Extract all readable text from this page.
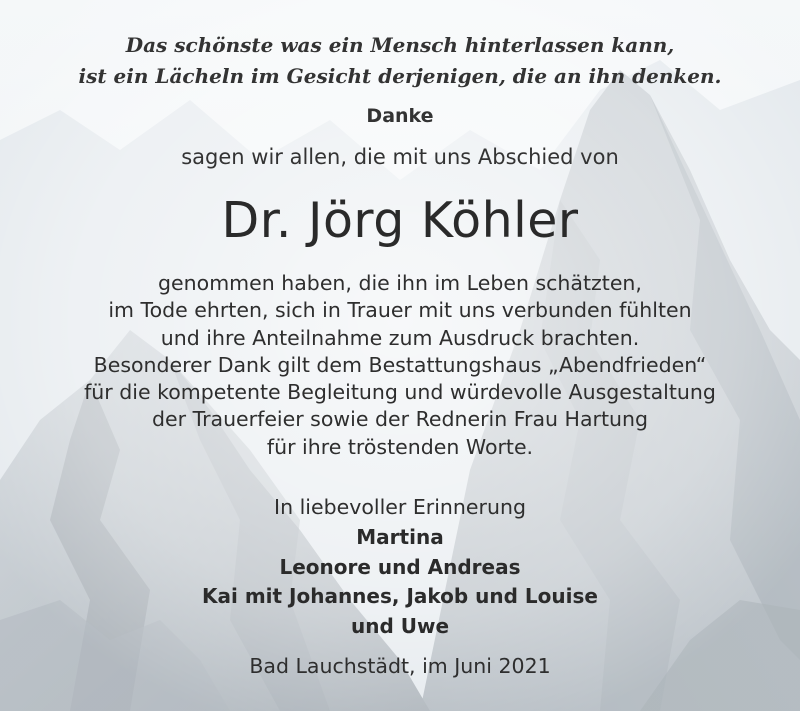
Das schönste was ein Mensch hinterlassen kann,
ist ein Lächeln im Gesicht derjenigen, die an ihn denken.
Danke
sagen wir allen, die mit uns Abschied von
Dr. Jörg Köhler
genommen haben, die ihn im Leben schätzten,
im Tode ehrten, sich in Trauer mit uns verbunden fühlten
und ihre Anteilnahme zum Ausdruck brachten.
Besonderer Dank gilt dem Bestattungshaus „Abendfrieden“
für die kompetente Begleitung und würdevolle Ausgestaltung
der Trauerfeier sowie der Rednerin Frau Hartung
für ihre tröstenden Worte.
In liebevoller Erinnerung
Martina
Leonore und Andreas
Kai mit Johannes, Jakob und Louise
und Uwe
Bad Lauchstädt, im Juni 2021
